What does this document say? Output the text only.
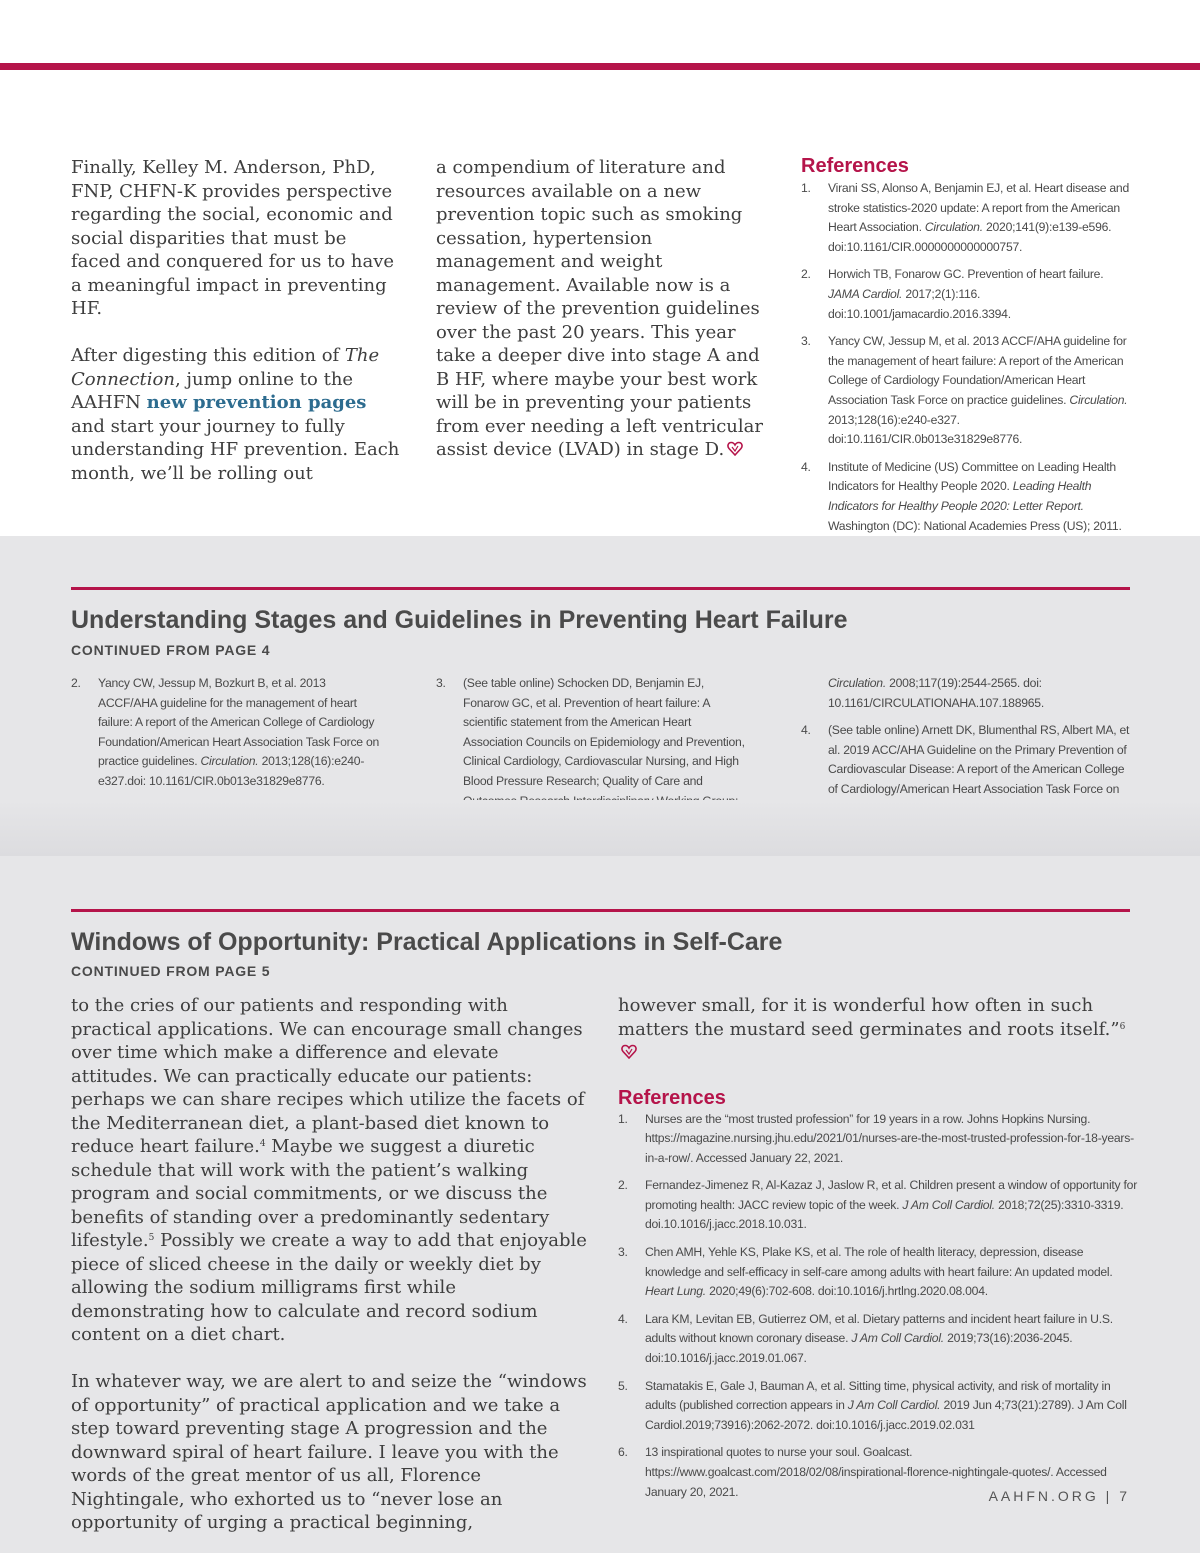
Finally, Kelley M. Anderson, PhD, FNP, CHFN-K provides perspective regarding the social, economic and social disparities that must be faced and conquered for us to have a meaningful impact in preventing HF.

After digesting this edition of The Connection, jump online to the AAHFN new prevention pages and start your journey to fully understanding HF prevention. Each month, we’ll be rolling out

a compendium of literature and resources available on a new prevention topic such as smoking cessation, hypertension management and weight management. Available now is a review of the prevention guidelines over the past 20 years. This year take a deeper dive into stage A and B HF, where maybe your best work will be in preventing your patients from ever needing a left ventricular assist device (LVAD) in stage D.

References
1.	Virani SS, Alonso A, Benjamin EJ, et al. Heart disease and stroke statistics-2020 update: A report from the American Heart Association. Circulation. 2020;141(9):e139-e596. doi:10.1161/CIR.0000000000000757.
2.	Horwich TB, Fonarow GC. Prevention of heart failure. JAMA Cardiol. 2017;2(1):116. doi:10.1001/jamacardio.2016.3394.
3.	Yancy CW, Jessup M, et al. 2013 ACCF/AHA guideline for the management of heart failure: A report of the American College of Cardiology Foundation/American Heart Association Task Force on practice guidelines. Circulation. 2013;128(16):e240-e327. doi:10.1161/CIR.0b013e31829e8776.
4.	Institute of Medicine (US) Committee on Leading Health Indicators for Healthy People 2020. Leading Health Indicators for Healthy People 2020: Letter Report. Washington (DC): National Academies Press (US); 2011.
Understanding Stages and Guidelines in Preventing Heart Failure
CONTINUED FROM PAGE 4
2.	Yancy CW, Jessup M, Bozkurt B, et al. 2013 ACCF/AHA guideline for the management of heart failure: A report of the American College of Cardiology Foundation/American Heart Association Task Force on practice guidelines. Circulation. 2013;128(16):e240-e327.doi: 10.1161/CIR.0b013e31829e8776.
3.	(See table online) Schocken DD, Benjamin EJ, Fonarow GC, et al. Prevention of heart failure: A scientific statement from the American Heart Association Councils on Epidemiology and Prevention, Clinical Cardiology, Cardiovascular Nursing, and High Blood Pressure Research; Quality of Care and
Circulation. 2008;117(19):2544-2565. doi: 10.1161/CIRCULATIONAHA.107.188965.
4.	(See table online) Arnett DK, Blumenthal RS, Albert MA, et al. 2019 ACC/AHA Guideline on the Primary Prevention of Cardiovascular Disease: A report of the American College of Cardiology/American Heart Association Task Force on
Windows of Opportunity: Practical Applications in Self-Care
CONTINUED FROM PAGE 5

to the cries of our patients and responding with practical applications. We can encourage small changes over time which make a difference and elevate attitudes. We can practically educate our patients: perhaps we can share recipes which utilize the facets of the Mediterranean diet, a plant-based diet known to reduce heart failure.$^4$ Maybe we suggest a diuretic schedule that will work with the patient’s walking program and social commitments, or we discuss the benefits of standing over a predominantly sedentary lifestyle.$^5$ Possibly we create a way to add that enjoyable piece of sliced cheese in the daily or weekly diet by allowing the sodium milligrams first while demonstrating how to calculate and record sodium content on a diet chart.

In whatever way, we are alert to and seize the “windows of opportunity” of practical application and we take a step toward preventing stage A progression and the downward spiral of heart failure. I leave you with the words of the great mentor of us all, Florence Nightingale, who exhorted us to “never lose an opportunity of urging a practical beginning,

however small, for it is wonderful how often in such matters the mustard seed germinates and roots itself.”$^6$

References
1.	Nurses are the “most trusted profession” for 19 years in a row. Johns Hopkins Nursing. https://magazine.nursing.jhu.edu/2021/01/nurses-are-the-most-trusted-profession-for-18-years-in-a-row/. Accessed January 22, 2021.
2.	Fernandez-Jimenez R, Al-Kazaz J, Jaslow R, et al. Children present a window of opportunity for promoting health: JACC review topic of the week. J Am Coll Cardiol. 2018;72(25):3310-3319. doi.10.1016/j.jacc.2018.10.031.
3.	Chen AMH, Yehle KS, Plake KS, et al. The role of health literacy, depression, disease knowledge and self-efficacy in self-care among adults with heart failure: An updated model. Heart Lung. 2020;49(6):702-608. doi:10.1016/j.hrtlng.2020.08.004.
4.	Lara KM, Levitan EB, Gutierrez OM, et al. Dietary patterns and incident heart failure in U.S. adults without known coronary disease. J Am Coll Cardiol. 2019;73(16):2036-2045. doi:10.1016/j.jacc.2019.01.067.
5.	Stamatakis E, Gale J, Bauman A, et al. Sitting time, physical activity, and risk of mortality in adults (published correction appears in J Am Coll Cardiol. 2019 Jun 4;73(21):2789). J Am Coll Cardiol.2019;73916):2062-2072. doi:10.1016/j.jacc.2019.02.031
6.	13 inspirational quotes to nurse your soul. Goalcast. https://www.goalcast.com/2018/02/08/inspirational-florence-nightingale-quotes/. Accessed January 20, 2021.	AAHFN.ORG | 7
